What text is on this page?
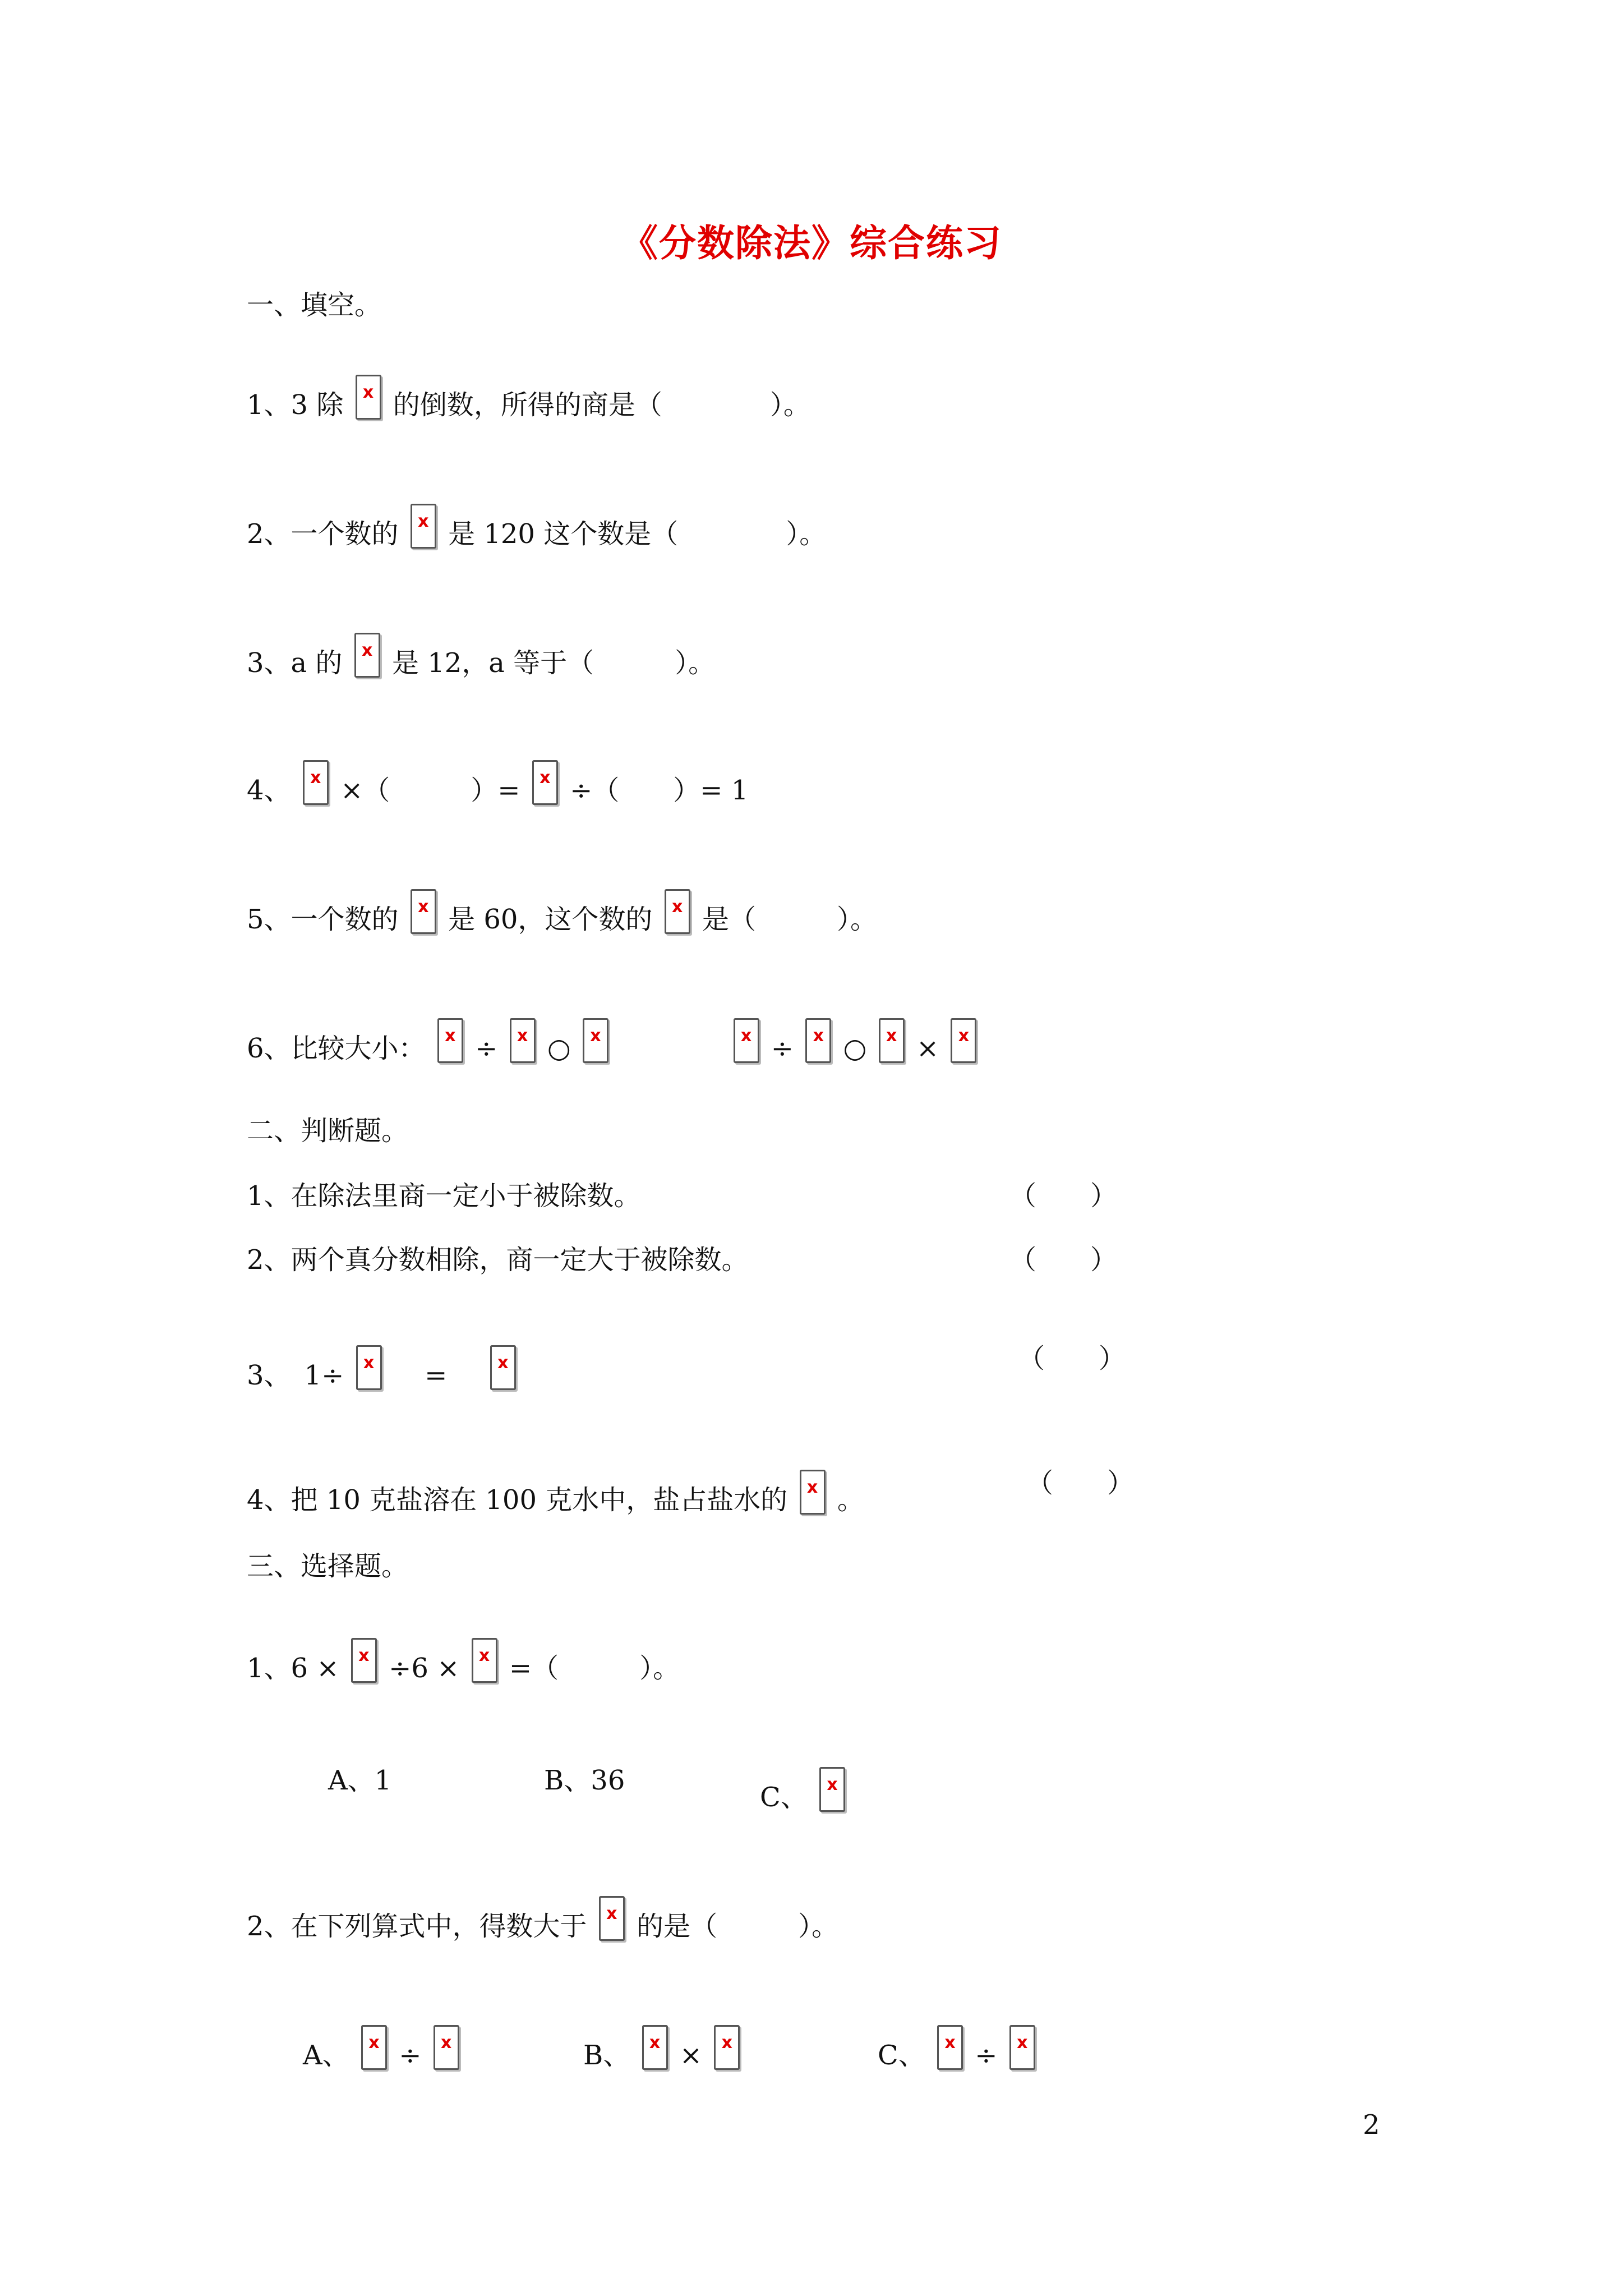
《分数除法》综合练习
一、填空。
1、3 除 x 的倒数，所得的商是（　　　　）。
2、一个数的 x 是 120 这个数是（　　　　）。
3、a 的 x 是 12，a 等于（　　　）。
4、 x ×（　　　）= x ÷（　　）= 1
5、一个数的 x 是 60，这个数的 x 是（　　　）。
6、比较大小： x ÷ x ○ x x	÷ x ○ x × x
二、判断题。
1、在除法里商一定小于被除数。	（　　）
2、两个真分数相除，商一定大于被除数。	（　　）
3、　1÷ x	=  x
（　　）
4、把 10 克盐溶在 100 克水中，盐占盐水的 x 。
（　　）
三、选择题。
1、6 × x ÷6 × x =（　　　）。
A、1	B、36
C、 x
2、在下列算式中，得数大于 x 的是（　　　）。
A、 x ÷ x	B、 x × x	C、 x ÷ x
2
